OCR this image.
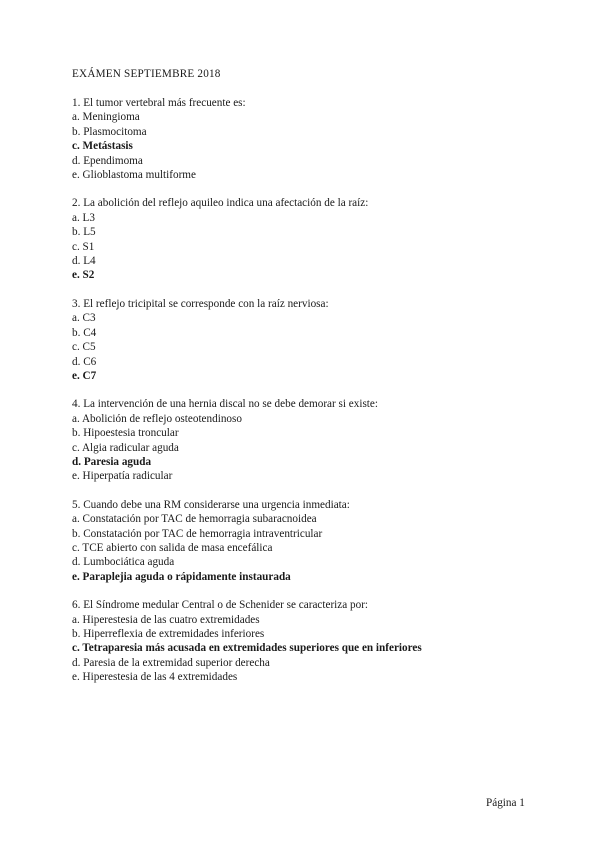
EXÁMEN SEPTIEMBRE 2018
1. El tumor vertebral más frecuente es:
a. Meningioma
b. Plasmocitoma
c. Metástasis
d. Ependimoma
e. Glioblastoma multiforme
2. La abolición del reflejo aquileo indica una afectación de la raíz:
a. L3
b. L5
c. S1
d. L4
e. S2
3. El reflejo tricipital se corresponde con la raíz nerviosa:
a. C3
b. C4
c. C5
d. C6
e. C7
4. La intervención de una hernia discal no se debe demorar si existe:
a. Abolición de reflejo osteotendinoso
b. Hipoestesia troncular
c. Algia radicular aguda
d. Paresia aguda
e. Hiperpatía radicular
5. Cuando debe una RM considerarse una urgencia inmediata:
a. Constatación por TAC de hemorragia subaracnoidea
b. Constatación por TAC de hemorragia intraventricular
c. TCE abierto con salida de masa encefálica
d. Lumbociática aguda
e. Paraplejia aguda o rápidamente instaurada
6. El Síndrome medular Central o de Schenider se caracteriza por:
a. Hiperestesia de las cuatro extremidades
b. Hiperreflexia de extremidades inferiores
c. Tetraparesia más acusada en extremidades superiores que en inferiores
d. Paresia de la extremidad superior derecha
e. Hiperestesia de las 4 extremidades
Página 1
